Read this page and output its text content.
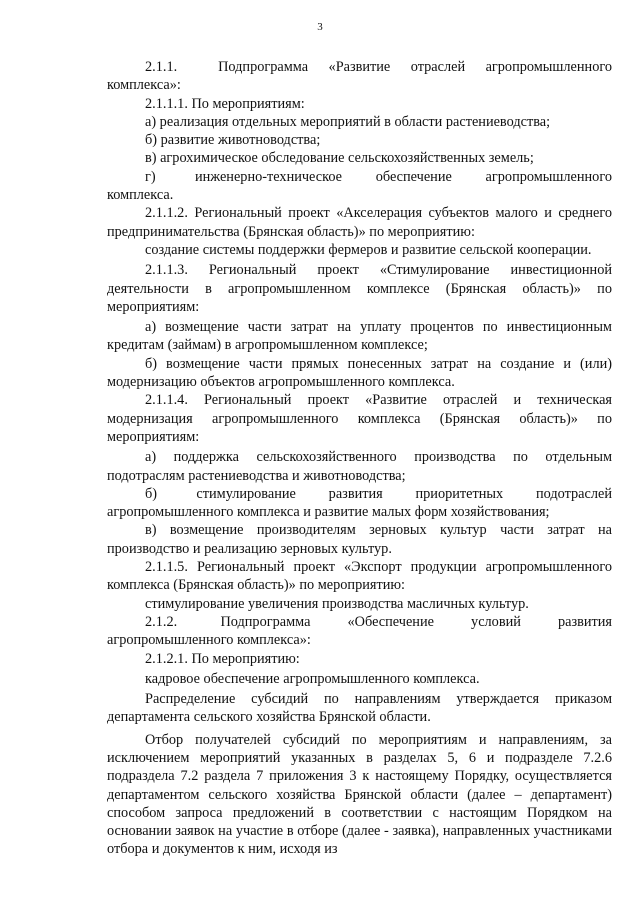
3

2.1.1.    Подпрограмма  «Развитие  отраслей  агропромышленного комплекса»:

2.1.1.1. По мероприятиям:

а) реализация отдельных мероприятий в области растениеводства;

б) развитие животноводства;

в) агрохимическое обследование сельскохозяйственных земель;

г)       инженерно-техническое      обеспечение      агропромышленного комплекса.

2.1.1.2. Региональный проект «Акселерация субъектов малого и среднего предпринимательства (Брянская область)» по мероприятию:

создание системы поддержки фермеров и развитие сельской кооперации.

2.1.1.3. Региональный проект «Стимулирование инвестиционной деятельности в агропромышленном комплексе (Брянская область)» по мероприятиям:

а) возмещение части затрат на уплату процентов по инвестиционным кредитам (займам) в агропромышленном комплексе;

б) возмещение части прямых понесенных затрат на создание и (или) модернизацию объектов агропромышленного комплекса.

2.1.1.4. Региональный проект «Развитие отраслей и техническая модернизация агропромышленного комплекса (Брянская область)» по мероприятиям:

а) поддержка сельскохозяйственного производства по отдельным подотраслям растениеводства и животноводства;

б)      стимулирование     развития     приоритетных     подотраслей агропромышленного комплекса и развитие малых форм хозяйствования;

в) возмещение производителям зерновых культур части затрат на производство и реализацию зерновых культур.

2.1.1.5. Региональный проект «Экспорт продукции агропромышленного комплекса (Брянская область)» по мероприятию:

стимулирование увеличения производства масличных культур.

2.1.2.       Подпрограмма      «Обеспечение      условий      развития агропромышленного комплекса»:

2.1.2.1. По мероприятию:

кадровое обеспечение агропромышленного комплекса.

Распределение субсидий по направлениям утверждается приказом департамента сельского хозяйства Брянской области.

Отбор получателей субсидий по мероприятиям и направлениям, за исключением мероприятий указанных в разделах 5, 6 и подразделе 7.2.6 подраздела 7.2 раздела 7 приложения 3 к настоящему Порядку, осуществляется департаментом сельского хозяйства Брянской области (далее – департамент) способом запроса предложений в соответствии с настоящим Порядком на основании заявок на участие в отборе (далее - заявка), направленных участниками отбора и документов к ним, исходя из
